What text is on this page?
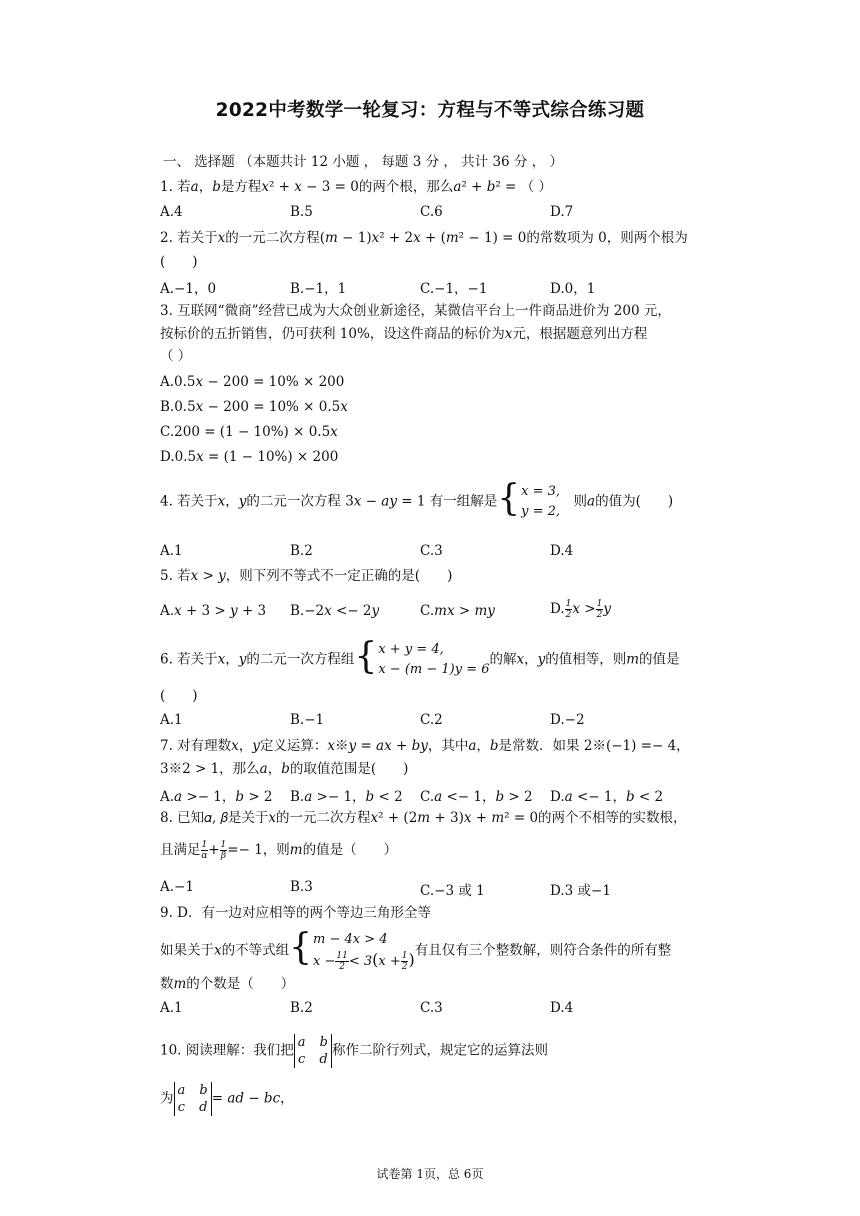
2022中考数学一轮复习：方程与不等式综合练习题
一、 选择题 （本题共计 12 小题 ， 每题 3 分 ， 共计 36 分 ， ）
1. 若𝑎，𝑏是方程𝑥² + 𝑥 − 3 = 0的两个根，那么𝑎² + 𝑏² = （ ）
A.4	B.5	C.6	D.7
2. 若关于𝑥的一元二次方程(𝑚 − 1)𝑥² + 2𝑥 + (𝑚² − 1) = 0的常数项为 0，则两个根为
(　　)
A.−1，0	B.−1，1	C.−1，−1	D.0，1
3. 互联网“微商”经营已成为大众创业新途径，某微信平台上一件商品进价为 200 元，
按标价的五折销售，仍可获利 10%，设这件商品的标价为𝑥元，根据题意列出方程
（ ）
A.0.5𝑥 − 200 = 10% × 200
B.0.5𝑥 − 200 = 10% × 0.5𝑥
C.200 = (1 − 10%) × 0.5𝑥
D.0.5𝑥 = (1 − 10%) × 200
4. 若关于𝑥，𝑦的二元一次方程 3𝑥 − 𝑎𝑦 = 1 有一组解是{ 𝑥 = 3,
𝑦 = 2,
　则𝑎的值为(　　)
A.1	B.2	C.3	D.4
5. 若𝑥 > 𝑦，则下列不等式不一定正确的是(　　)
A.𝑥 + 3 > 𝑦 + 3 B.−2𝑥 <− 2𝑦	C.𝑚𝑥 > 𝑚𝑦	D. $\frac{1}{2}$ 𝑥 > $\frac{1}{2}$ 𝑦
6. 若关于𝑥，𝑦的二元一次方程组{ 𝑥 + 𝑦 = 4,
𝑥 − (𝑚 − 1)𝑦 = 6
的解𝑥，𝑦的值相等，则𝑚的值是
(　　)
A.1	B.−1	C.2	D.−2
7. 对有理数𝑥，𝑦定义运算：𝑥※𝑦 = 𝑎𝑥 + 𝑏𝑦，其中𝑎，𝑏是常数．如果 2※(−1) =− 4，
3※2 > 1，那么𝑎，𝑏的取值范围是(　　)
A.𝑎 >− 1，𝑏 > 2 B.𝑎 >− 1，𝑏 < 2 C.𝑎 <− 1，𝑏 > 2 D.𝑎 <− 1，𝑏 < 2
8. 已知𝛼, 𝛽是关于𝑥的一元二次方程𝑥² + (2𝑚 + 3)𝑥 + 𝑚² = 0的两个不相等的实数根，
且满足 $\frac{1}{\text{𝛼}} + \frac{1}{\text{𝛽}} =- 1$，则𝑚的值是（　　）
A.−1	B.3	C.−3 或 1	D.3 或−1
9. D．有一边对应相等的两个等边三角形全等
如果关于𝑥的不等式组{ 𝑚 − 4𝑥 > 4
𝑥 − $\frac{11}{2}$ < 3(𝑥 + $\frac{1}{2}$ ) 有且仅有三个整数解，则符合条件的所有整
数𝑚的个数是（　　）
A.1	B.2	C.3	D.4
10. 阅读理解：我们把 𝑎 𝑏
𝑐 𝑑
称作二阶行列式，规定它的运算法则
为 𝑎 𝑏
𝑐 𝑑
= 𝑎𝑑 − 𝑏𝑐，
试卷第 1页，总 6页
